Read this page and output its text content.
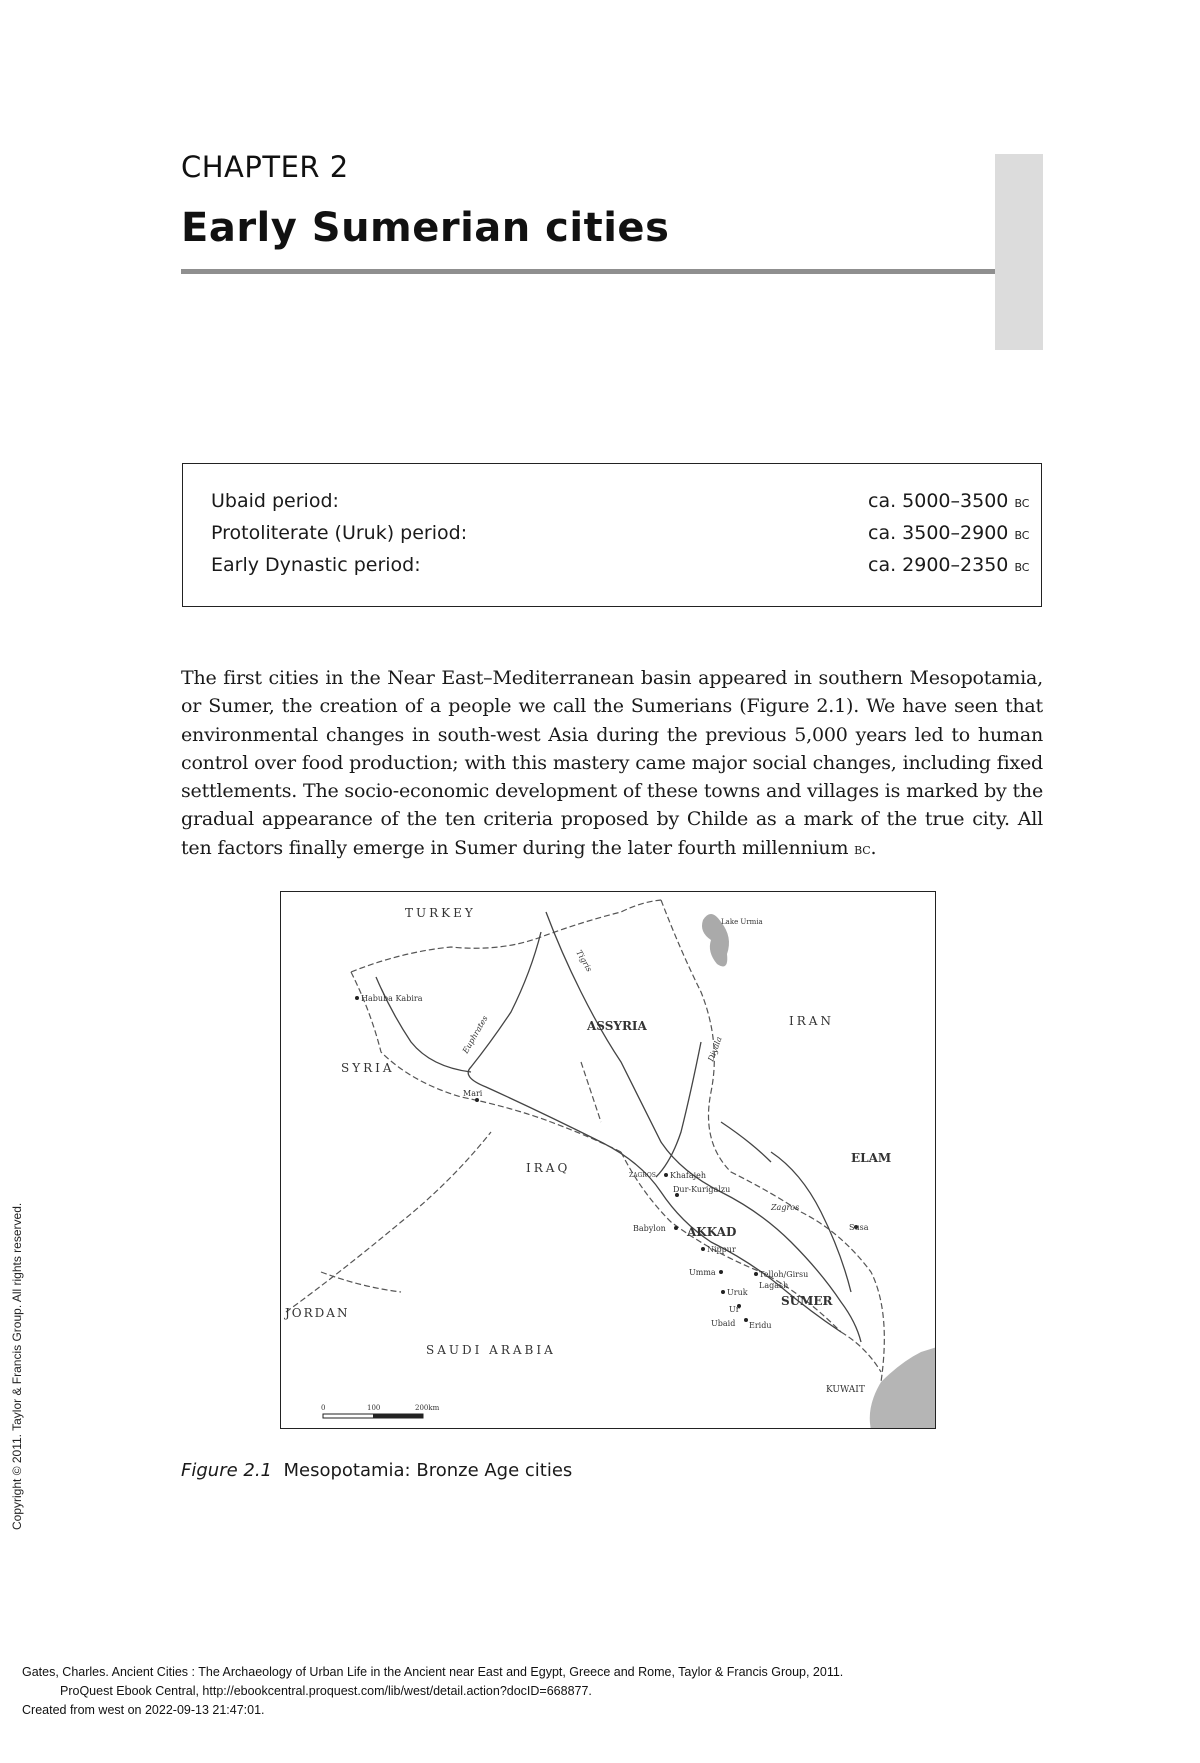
CHAPTER 2
Early Sumerian cities
Ubaid period:	ca. 5000–3500 bc
Protoliterate (Uruk) period:	ca. 3500–2900 bc
Early Dynastic period:	ca. 2900–2350 bc
The first cities in the Near East–Mediterranean basin appeared in southern Mesopotamia, or Sumer, the creation of a people we call the Sumerians (Figure 2.1). We have seen that environmental changes in south-west Asia during the previous 5,000 years led to human control over food production; with this mastery came major social changes, including fixed settlements. The socio-economic development of these towns and villages is marked by the gradual appearance of the ten criteria proposed by Childe as a mark of the true city. All ten factors finally emerge in Sumer during the later fourth millennium bc.
TURKEY
SYRIA
IRAQ
IRAN
JORDAN
SAUDI ARABIA
KUWAIT
ASSYRIA
ELAM
AKKAD
SUMER
Lake Urmia
Tigris
Euphrates	Diyala
Zagros
Habuba Kabira
Mari
ZAGROS Khafajeh
Dur-Kurigalzu
Babylon
Nippur
Umma	Telloh/Girsu
Lagash
Uruk
Ur
Ubaid Eridu
Susa
0	100	200km
Figure 2.1 Mesopotamia: Bronze Age cities
Copyright © 2011. Taylor & Francis Group. All rights reserved.
Gates, Charles. Ancient Cities : The Archaeology of Urban Life in the Ancient near East and Egypt, Greece and Rome, Taylor & Francis Group, 2011.
ProQuest Ebook Central, http://ebookcentral.proquest.com/lib/west/detail.action?docID=668877.
Created from west on 2022-09-13 21:47:01.
